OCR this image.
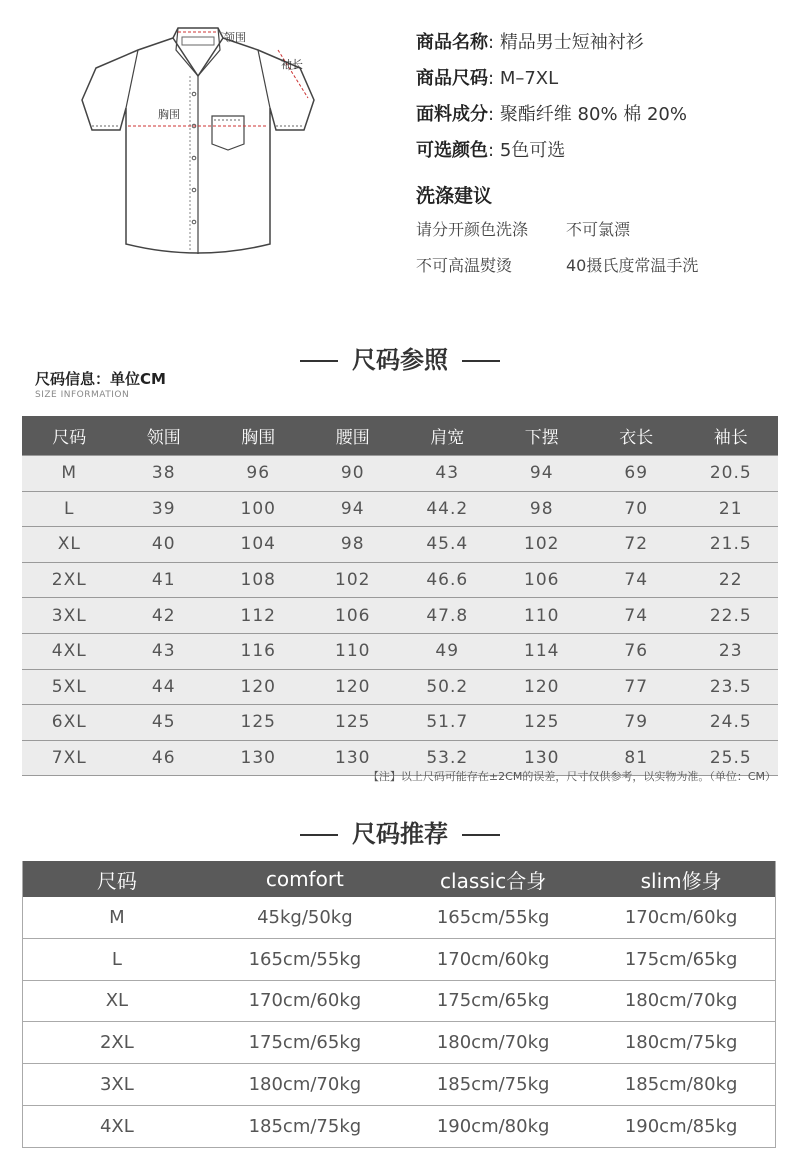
领围
袖长
胸围
商品名称: 精品男士短袖衬衫
商品尺码: M–7XL
面料成分: 聚酯纤维 80% 棉 20%
可选颜色: 5色可选
洗涤建议
请分开颜色洗涤 不可氯漂
不可高温熨烫	40摄氏度常温手洗
尺码参照
尺码信息：单位CM
SIZE INFORMATION
尺码	领围	胸围	腰围	肩宽	下摆	衣长	袖长
M	38	96	90	43	94	69	20.5
L	39	100	94	44.2	98	70	21
XL	40	104	98	45.4	102	72	21.5
2XL	41	108	102	46.6	106	74	22
3XL	42	112	106	47.8	110	74	22.5
4XL	43	116	110	49	114	76	23
5XL	44	120	120	50.2	120	77	23.5
6XL	45	125	125	51.7	125	79	24.5
7XL	46	130	130	53.2	130	81	25.5
【注】以上尺码可能存在±2CM的误差，尺寸仅供参考，以实物为准。（单位：CM）
尺码推荐
尺码	comfort	classic合身	slim修身
M	45kg/50kg	165cm/55kg	170cm/60kg
L	165cm/55kg	170cm/60kg	175cm/65kg
XL	170cm/60kg	175cm/65kg	180cm/70kg
2XL	175cm/65kg	180cm/70kg	180cm/75kg
3XL	180cm/70kg	185cm/75kg	185cm/80kg
4XL	185cm/75kg	190cm/80kg	190cm/85kg
